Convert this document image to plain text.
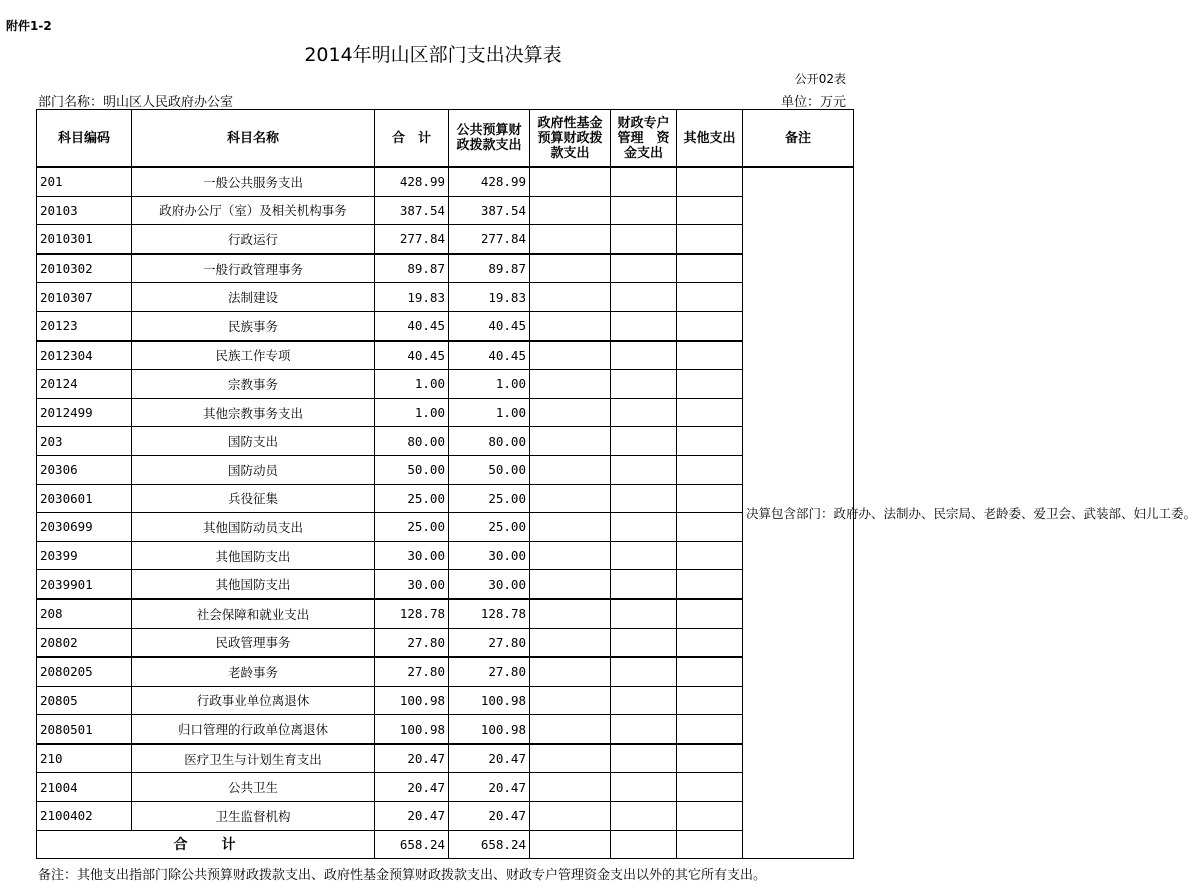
附件1-2
2014年明山区部门支出决算表
公开02表
部门名称：明山区人民政府办公室	单位：万元
科目编码	科目名称	合　计	公共预算财政拨款支出	政府性基金预算财政拨款支出	财政专户管理　资金支出	其他支出	备注
201	一般公共服务支出	428.99	428.99				决算包含部门：政府办、法制办、民宗局、老龄委、爱卫会、武装部、妇儿工委。
20103	政府办公厅（室）及相关机构事务	387.54	387.54				
2010301	行政运行	277.84	277.84				
2010302	一般行政管理事务	89.87	89.87				
2010307	法制建设	19.83	19.83				
20123	民族事务	40.45	40.45				
2012304	民族工作专项	40.45	40.45				
20124	宗教事务	1.00	1.00				
2012499	其他宗教事务支出	1.00	1.00				
203	国防支出	80.00	80.00				
20306	国防动员	50.00	50.00				
2030601	兵役征集	25.00	25.00				
2030699	其他国防动员支出	25.00	25.00				
20399	其他国防支出	30.00	30.00				
2039901	其他国防支出	30.00	30.00				
208	社会保障和就业支出	128.78	128.78				
20802	民政管理事务	27.80	27.80				
2080205	老龄事务	27.80	27.80				
20805	行政事业单位离退休	100.98	100.98				
2080501	归口管理的行政单位离退休	100.98	100.98				
210	医疗卫生与计划生育支出	20.47	20.47				
21004	公共卫生	20.47	20.47				
2100402	卫生监督机构	20.47	20.47				
合　　计		658.24	658.24				
备注：其他支出指部门除公共预算财政拨款支出、政府性基金预算财政拨款支出、财政专户管理资金支出以外的其它所有支出。
